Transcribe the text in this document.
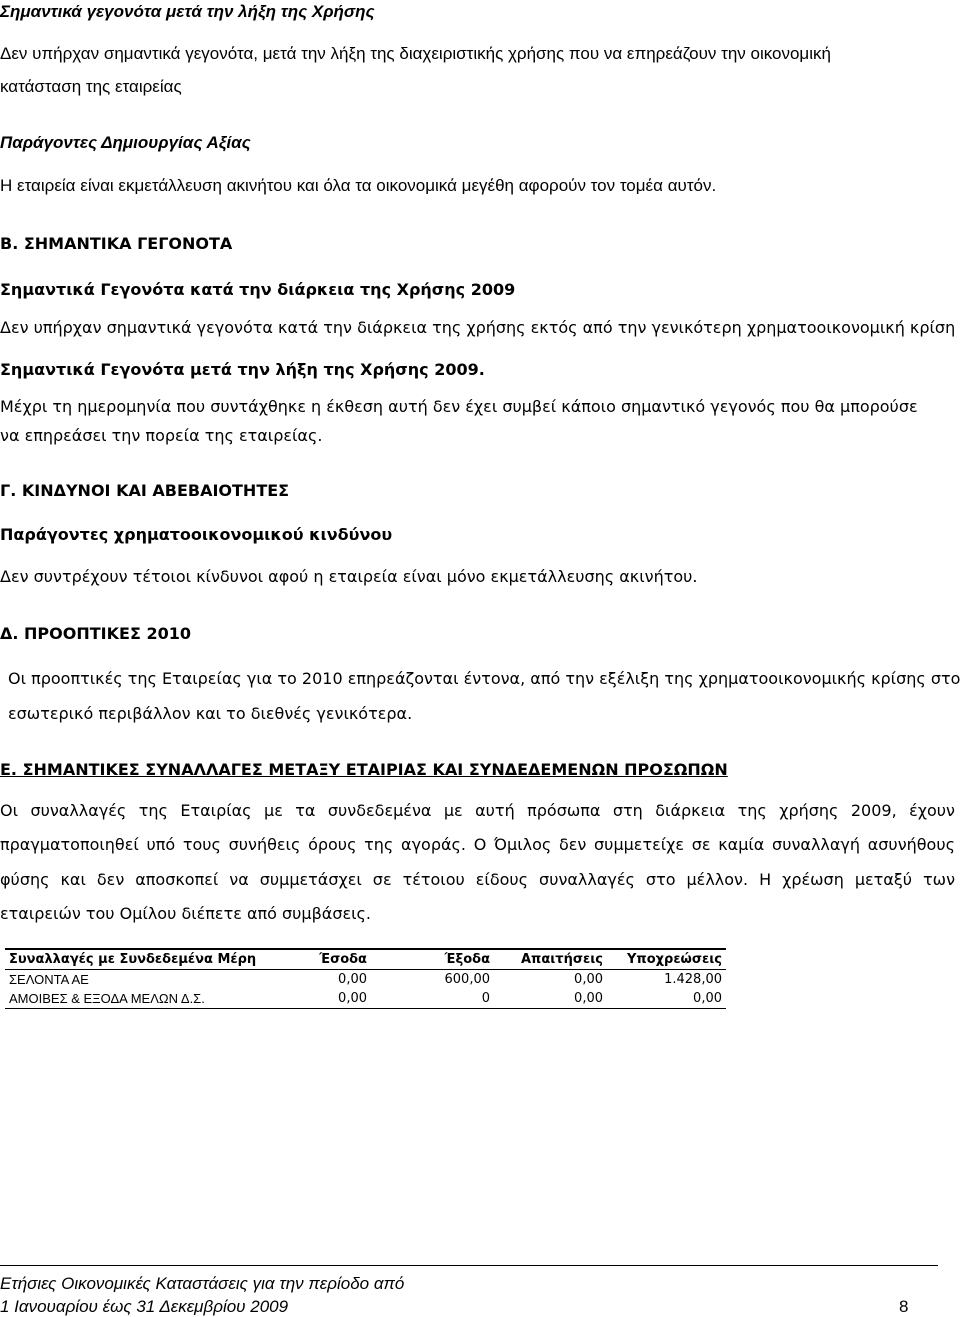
Σημαντικά γεγονότα μετά την λήξη της Χρήσης
Δεν υπήρχαν σημαντικά γεγονότα, μετά την λήξη της διαχειριστικής χρήσης που να επηρεάζουν την οικονομική
κατάσταση της εταιρείας
Παράγοντες Δημιουργίας Αξίας
Η εταιρεία είναι εκμετάλλευση ακινήτου και όλα τα οικονομικά μεγέθη αφορούν τον τομέα αυτόν.
Β. ΣΗΜΑΝΤΙΚΑ ΓΕΓΟΝΟΤΑ
Σημαντικά Γεγονότα κατά την διάρκεια της Χρήσης 2009
Δεν υπήρχαν σημαντικά γεγονότα κατά την διάρκεια της χρήσης εκτός από την γενικότερη χρηματοοικονομική κρίση
Σημαντικά Γεγονότα μετά την λήξη της Χρήσης 2009.
Μέχρι τη ημερομηνία που συντάχθηκε η έκθεση αυτή δεν έχει συμβεί κάποιο σημαντικό γεγονός που θα μπορούσε
να επηρεάσει την πορεία της εταιρείας.
Γ. ΚΙΝΔΥΝΟΙ ΚΑΙ ΑΒΕΒΑΙΟΤΗΤΕΣ
Παράγοντες χρηματοοικονομικού κινδύνου
Δεν συντρέχουν τέτοιοι κίνδυνοι αφού η εταιρεία είναι μόνο εκμετάλλευσης ακινήτου.
Δ. ΠΡΟΟΠΤΙΚΕΣ 2010
Οι προοπτικές της Εταιρείας για το 2010 επηρεάζονται έντονα, από την εξέλιξη της χρηματοοικονομικής κρίσης στο
εσωτερικό περιβάλλον και το διεθνές γενικότερα.
Ε. ΣΗΜΑΝΤΙΚΕΣ ΣΥΝΑΛΛΑΓΕΣ ΜΕΤΑΞΥ ΕΤΑΙΡΙΑΣ ΚΑΙ ΣΥΝΔΕΔΕΜΕΝΩΝ ΠΡΟΣΩΠΩΝ
Οι συναλλαγές της Εταιρίας με τα συνδεδεμένα με αυτή πρόσωπα στη διάρκεια της χρήσης 2009, έχουν
πραγματοποιηθεί υπό τους συνήθεις όρους της αγοράς. Ο Όμιλος δεν συμμετείχε σε καμία συναλλαγή ασυνήθους
φύσης και δεν αποσκοπεί να συμμετάσχει σε τέτοιου είδους συναλλαγές στο μέλλον. Η χρέωση μεταξύ των
εταιρειών του Ομίλου διέπετε από συμβάσεις.
Συναλλαγές με Συνδεδεμένα Μέρη	Έσοδα	Έξοδα	Απαιτήσεις	Υποχρεώσεις
ΣΕΛΟΝΤΑ ΑΕ	0,00	600,00	0,00	1.428,00
ΑΜΟΙΒΕΣ & ΕΞΟΔΑ ΜΕΛΩΝ Δ.Σ.	0,00	0	0,00	0,00
Ετήσιες Οικονομικές Καταστάσεις για την περίοδο από
1 Ιανουαρίου έως 31 Δεκεμβρίου 2009	8
